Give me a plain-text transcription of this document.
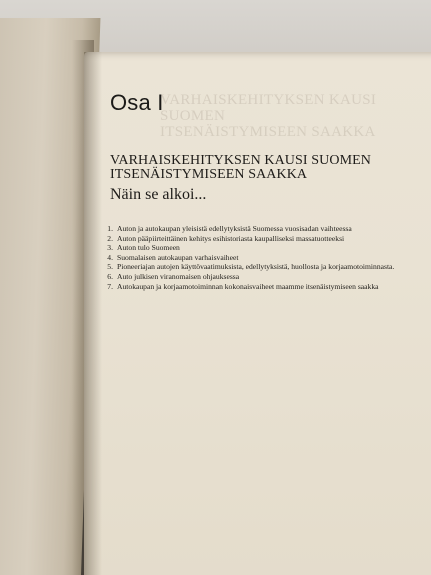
VARHAISKEHITYKSEN KAUSI SUOMEN
ITSENÄISTYMISEEN SAAKKA
Osa I
VARHAISKEHITYKSEN KAUSI SUOMEN
ITSENÄISTYMISEEN SAAKKA
Näin se alkoi...
1. Auton ja autokaupan yleisistä edellytyksistä Suomessa vuosisadan vaihteessa
2. Auton pääpiirteittäinen kehitys esihistoriasta kaupalliseksi massatuotteeksi
3. Auton tulo Suomeen
4. Suomalaisen autokaupan varhaisvaiheet
5. Pioneeriajan autojen käyttövaatimuksista, edellytyksistä, huollosta ja korjaamotoiminnasta.
6. Auto julkisen viranomaisen ohjauksessa
7. Autokaupan ja korjaamotoiminnan kokonaisvaiheet maamme itsenäistymiseen saakka
